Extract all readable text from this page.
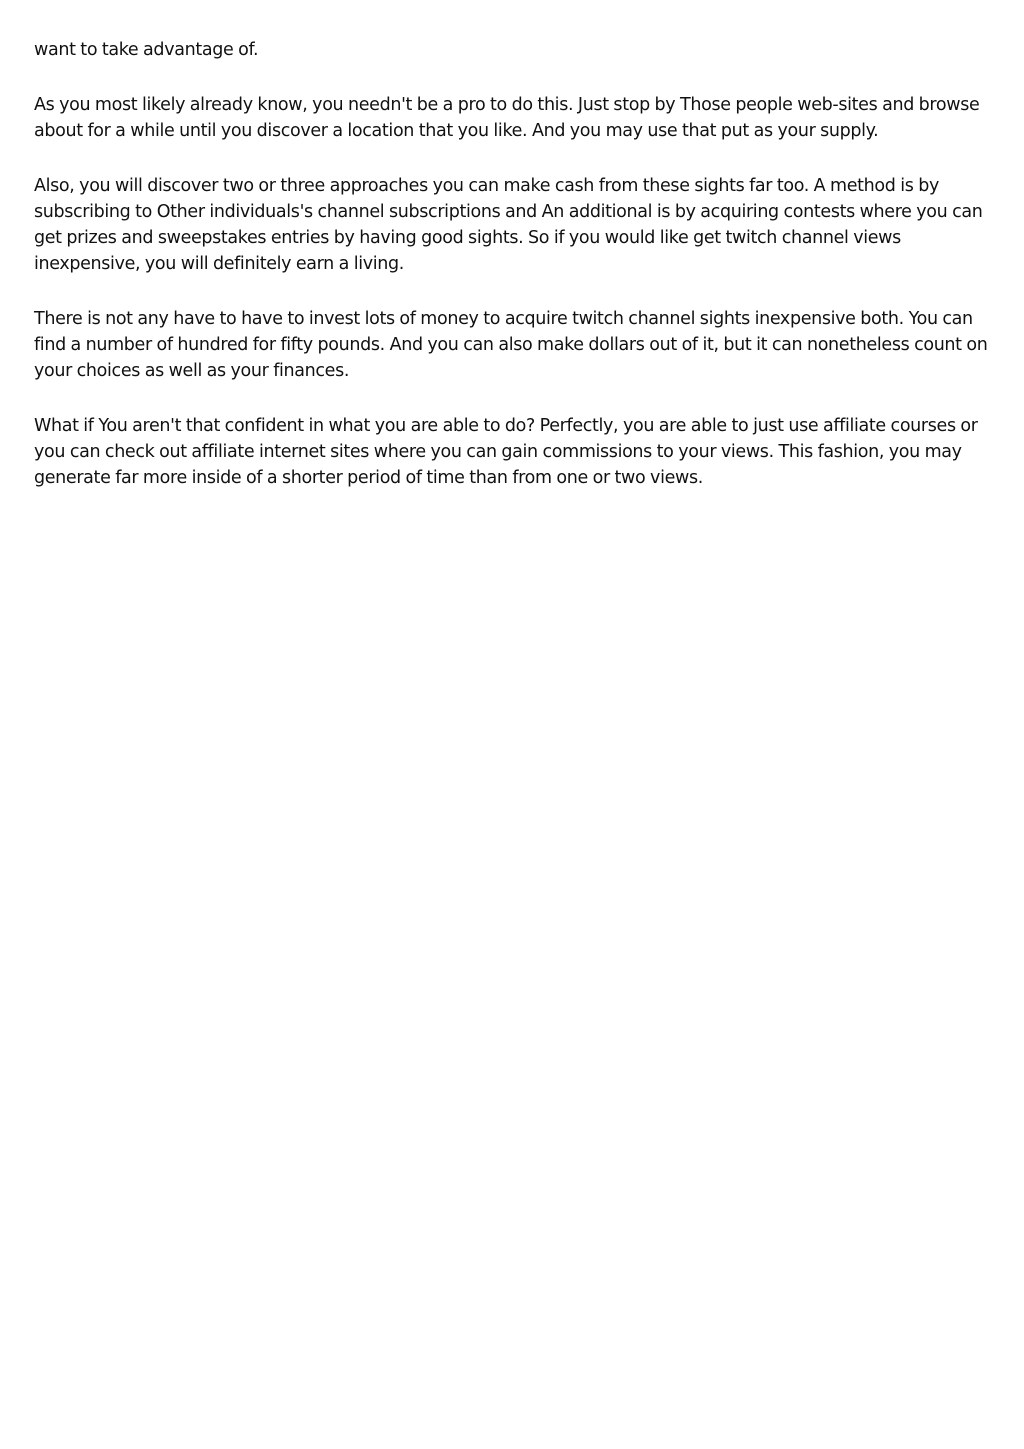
want to take advantage of.

As you most likely already know, you needn't be a pro to do this. Just stop by Those people web-sites and browse about for a while until you discover a location that you like. And you may use that put as your supply.

Also, you will discover two or three approaches you can make cash from these sights far too. A method is by subscribing to Other individuals's channel subscriptions and An additional is by acquiring contests where you can get prizes and sweepstakes entries by having good sights. So if you would like get twitch channel views inexpensive, you will definitely earn a living.

There is not any have to have to invest lots of money to acquire twitch channel sights inexpensive both. You can find a number of hundred for fifty pounds. And you can also make dollars out of it, but it can nonetheless count on your choices as well as your finances.

What if You aren't that confident in what you are able to do? Perfectly, you are able to just use affiliate courses or you can check out affiliate internet sites where you can gain commissions to your views. This fashion, you may generate far more inside of a shorter period of time than from one or two views.
